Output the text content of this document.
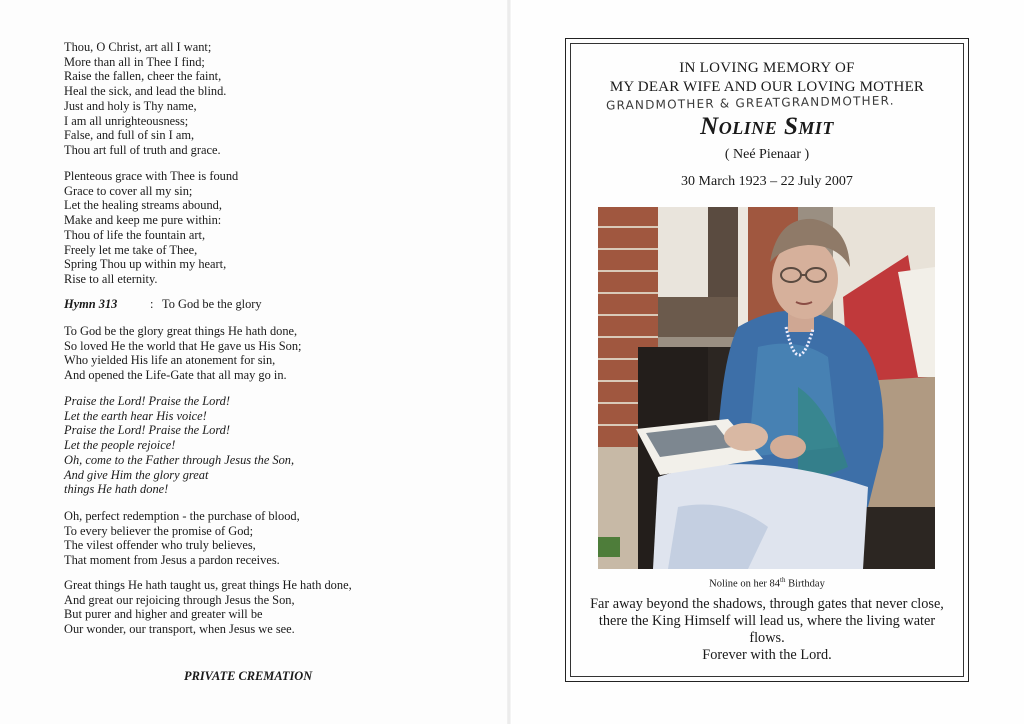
Thou, O Christ, art all I want;
More than all in Thee I find;
Raise the fallen, cheer the faint,
Heal the sick, and lead the blind.
Just and holy is Thy name,
I am all unrighteousness;
False, and full of sin I am,
Thou art full of truth and grace.
Plenteous grace with Thee is found
Grace to cover all my sin;
Let the healing streams abound,
Make and keep me pure within:
Thou of life the fountain art,
Freely let me take of Thee,
Spring Thou up within my heart,
Rise to all eternity.
Hymn 313	: To God be the glory
To God be the glory great things He hath done,
So loved He the world that He gave us His Son;
Who yielded His life an atonement for sin,
And opened the Life-Gate that all may go in.
Praise the Lord! Praise the Lord!
Let the earth hear His voice!
Praise the Lord! Praise the Lord!
Let the people rejoice!
Oh, come to the Father through Jesus the Son,
And give Him the glory great
things He hath done!
Oh, perfect redemption - the purchase of blood,
To every believer the promise of God;
The vilest offender who truly believes,
That moment from Jesus a pardon receives.
Great things He hath taught us, great things He hath done,
And great our rejoicing through Jesus the Son,
But purer and higher and greater will be
Our wonder, our transport, when Jesus we see.
PRIVATE CREMATION
IN LOVING MEMORY OF
MY DEAR WIFE AND OUR LOVING MOTHER
GRANDMOTHER & GREATGRANDMOTHER.
Noline Smit
( Neé Pienaar )
30 March 1923 – 22 July 2007
Noline on her 84th Birthday
Far away beyond the shadows, through gates that never close,
there the King Himself will lead us, where the living water
flows.
Forever with the Lord.
